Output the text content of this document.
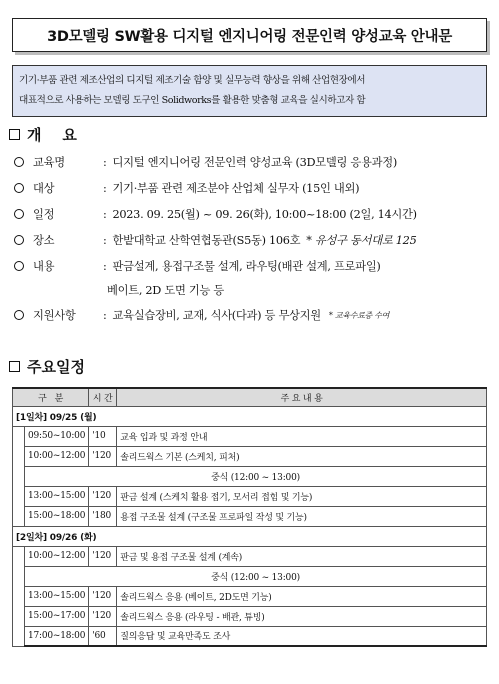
3D모델링 SW활용 디지털 엔지니어링 전문인력 양성교육 안내문
기기·부품 관련 제조산업의 디지털 제조기술 함양 및 실무능력 향상을 위해 산업현장에서
대표적으로 사용하는 모델링 도구인 Solidworks를 활용한 맞춤형 교육을 실시하고자 함
개    요
교육명	: 디지털 엔지니어링 전문인력 양성교육 (3D모델링 응용과정)
대상	: 기기·부품 관련 제조분야 산업체 실무자 (15인 내외)
일정	: 2023. 09. 25(월) ~ 09. 26(화), 10:00~18:00 (2일, 14시간)
장소	: 한밭대학교 산학연협동관(S5동) 106호 * 유성구 동서대로 125
내용	: 판금설계, 용접구조물 설계, 라우팅(배관 설계, 프로파일)
베이트, 2D 도면 기능 등
지원사항	: 교육실습장비, 교재, 식사(다과) 등 무상지원 * 교육수료증 수여
주요일정
구   분		시 간	주 요 내 용
[1일차] 09/25 (월)			
	09:50~10:00	'10	교육 입과 및 과정 안내
	10:00~12:00	'120	솔리드웍스 기본 (스케치, 피처)
	중식 (12:00 ~ 13:00)		
	13:00~15:00	'120	판금 설계 (스케치 활용 접기, 모서리 접힘 및 기능)
	15:00~18:00	'180	용접 구조물 설계 (구조물 프로파일 작성 및 기능)
[2일차] 09/26 (화)			
	10:00~12:00	'120	판금 및 용접 구조물 설계 (계속)
	중식 (12:00 ~ 13:00)		
	13:00~15:00	'120	솔리드웍스 응용 (베이트, 2D도면 기능)
	15:00~17:00	'120	솔리드웍스 응용 (라우팅 - 배관, 튜빙)
	17:00~18:00	'60	질의응답 및 교육만족도 조사
